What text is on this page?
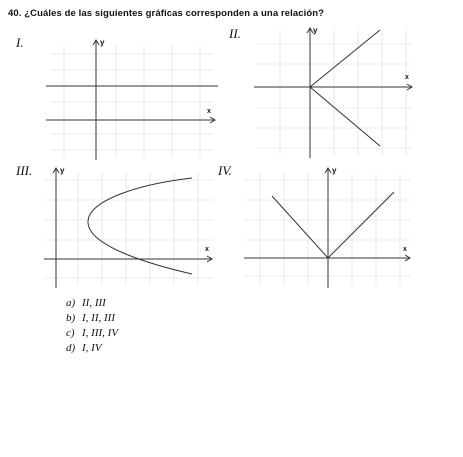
40. ¿Cuáles de las siguientes gráficas corresponden a una relación?
I.	y
x
II.	y
x
III.	y
x
IV.	y
x
a) II, III
b) I, II, III
c) I, III, IV
d) I, IV
